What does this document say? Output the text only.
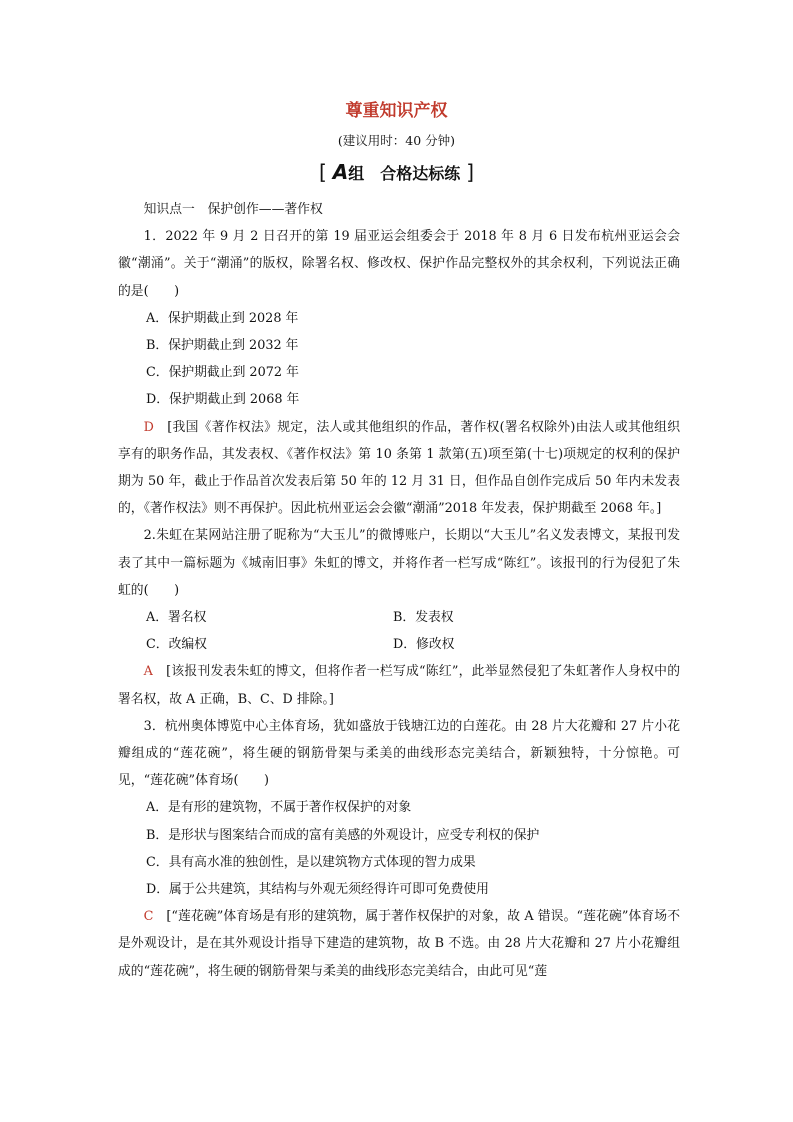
尊重知识产权
(建议用时：40 分钟)
[ A组　合格达标练 ]

知识点一　保护创作——著作权

1．2022 年 9 月 2 日召开的第 19 届亚运会组委会于 2018 年 8 月 6 日发布杭州亚运会会徽“潮涌”。关于“潮涌”的版权，除署名权、修改权、保护作品完整权外的其余权利，下列说法正确的是(　　)

A．保护期截止到 2028 年

B．保护期截止到 2032 年

C．保护期截止到 2072 年

D．保护期截止到 2068 年

D　 [我国《著作权法》规定，法人或其他组织的作品，著作权(署名权除外)由法人或其他组织享有的职务作品，其发表权、《著作权法》第 10 条第 1 款第(五)项至第(十七)项规定的权利的保护期为 50 年，截止于作品首次发表后第 50 年的 12 月 31 日，但作品自创作完成后 50 年内未发表的，《著作权法》则不再保护。因此杭州亚运会会徽“潮涌”2018 年发表，保护期截至 2068 年。]

2.朱虹在某网站注册了昵称为“大玉儿”的微博账户，长期以“大玉儿”名义发表博文，某报刊发表了其中一篇标题为《城南旧事》朱虹的博文，并将作者一栏写成“陈红”。该报刊的行为侵犯了朱虹的(　　)

A．署名权	B．发表权
C．改编权	D．修改权

A　 [该报刊发表朱虹的博文，但将作者一栏写成“陈红”，此举显然侵犯了朱虹著作人身权中的署名权，故 A 正确，B、C、D 排除。]

3．杭州奥体博览中心主体育场，犹如盛放于钱塘江边的白莲花。由 28 片大花瓣和 27 片小花瓣组成的“莲花碗”，将生硬的钢筋骨架与柔美的曲线形态完美结合，新颖独特，十分惊艳。可见，“莲花碗”体育场(　　)

A．是有形的建筑物，不属于著作权保护的对象

B．是形状与图案结合而成的富有美感的外观设计，应受专利权的保护

C．具有高水准的独创性，是以建筑物方式体现的智力成果

D．属于公共建筑，其结构与外观无须经得许可即可免费使用

C　 [“莲花碗”体育场是有形的建筑物，属于著作权保护的对象，故 A 错误。“莲花碗”体育场不是外观设计，是在其外观设计指导下建造的建筑物，故 B 不选。由 28 片大花瓣和 27 片小花瓣组成的“莲花碗”，将生硬的钢筋骨架与柔美的曲线形态完美结合，由此可见“莲
